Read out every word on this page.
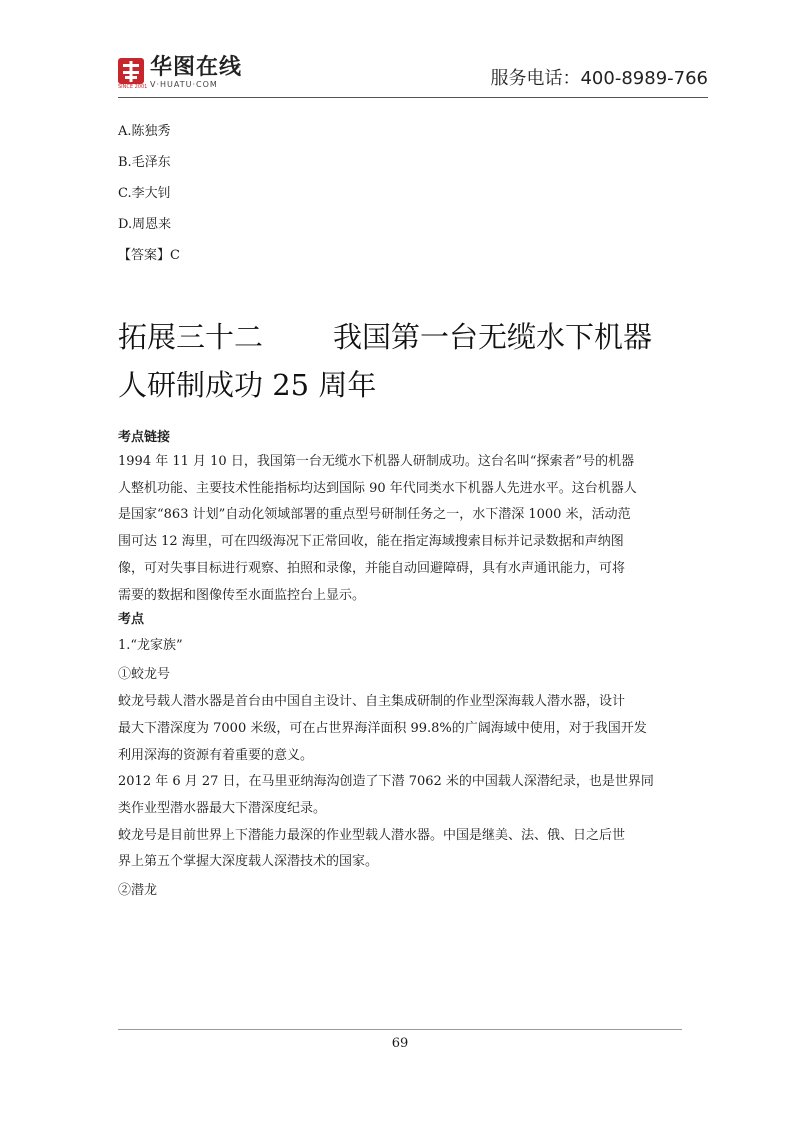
华图在线
V·HUATU·COM
SINCE 2001	服务电话：400-8989-766
A.陈独秀
B.毛泽东
C.李大钊
D.周恩来
【答案】C
拓展三十二 我国第一台无缆水下机器
人研制成功 25 周年
考点链接
1994 年 11 月 10 日，我国第一台无缆水下机器人研制成功。这台名叫“探索者”号的机器
人整机功能、主要技术性能指标均达到国际 90 年代同类水下机器人先进水平。这台机器人
是国家“863 计划”自动化领域部署的重点型号研制任务之一，水下潜深 1000 米，活动范
围可达 12 海里，可在四级海况下正常回收，能在指定海域搜索目标并记录数据和声纳图
像，可对失事目标进行观察、拍照和录像，并能自动回避障碍，具有水声通讯能力，可将
需要的数据和图像传至水面监控台上显示。
考点
1.“龙家族”
①蛟龙号
蛟龙号载人潜水器是首台由中国自主设计、自主集成研制的作业型深海载人潜水器，设计
最大下潜深度为 7000 米级，可在占世界海洋面积 99.8%的广阔海域中使用，对于我国开发
利用深海的资源有着重要的意义。
2012 年 6 月 27 日，在马里亚纳海沟创造了下潜 7062 米的中国载人深潜纪录，也是世界同
类作业型潜水器最大下潜深度纪录。
蛟龙号是目前世界上下潜能力最深的作业型载人潜水器。中国是继美、法、俄、日之后世
界上第五个掌握大深度载人深潜技术的国家。
②潜龙
69
